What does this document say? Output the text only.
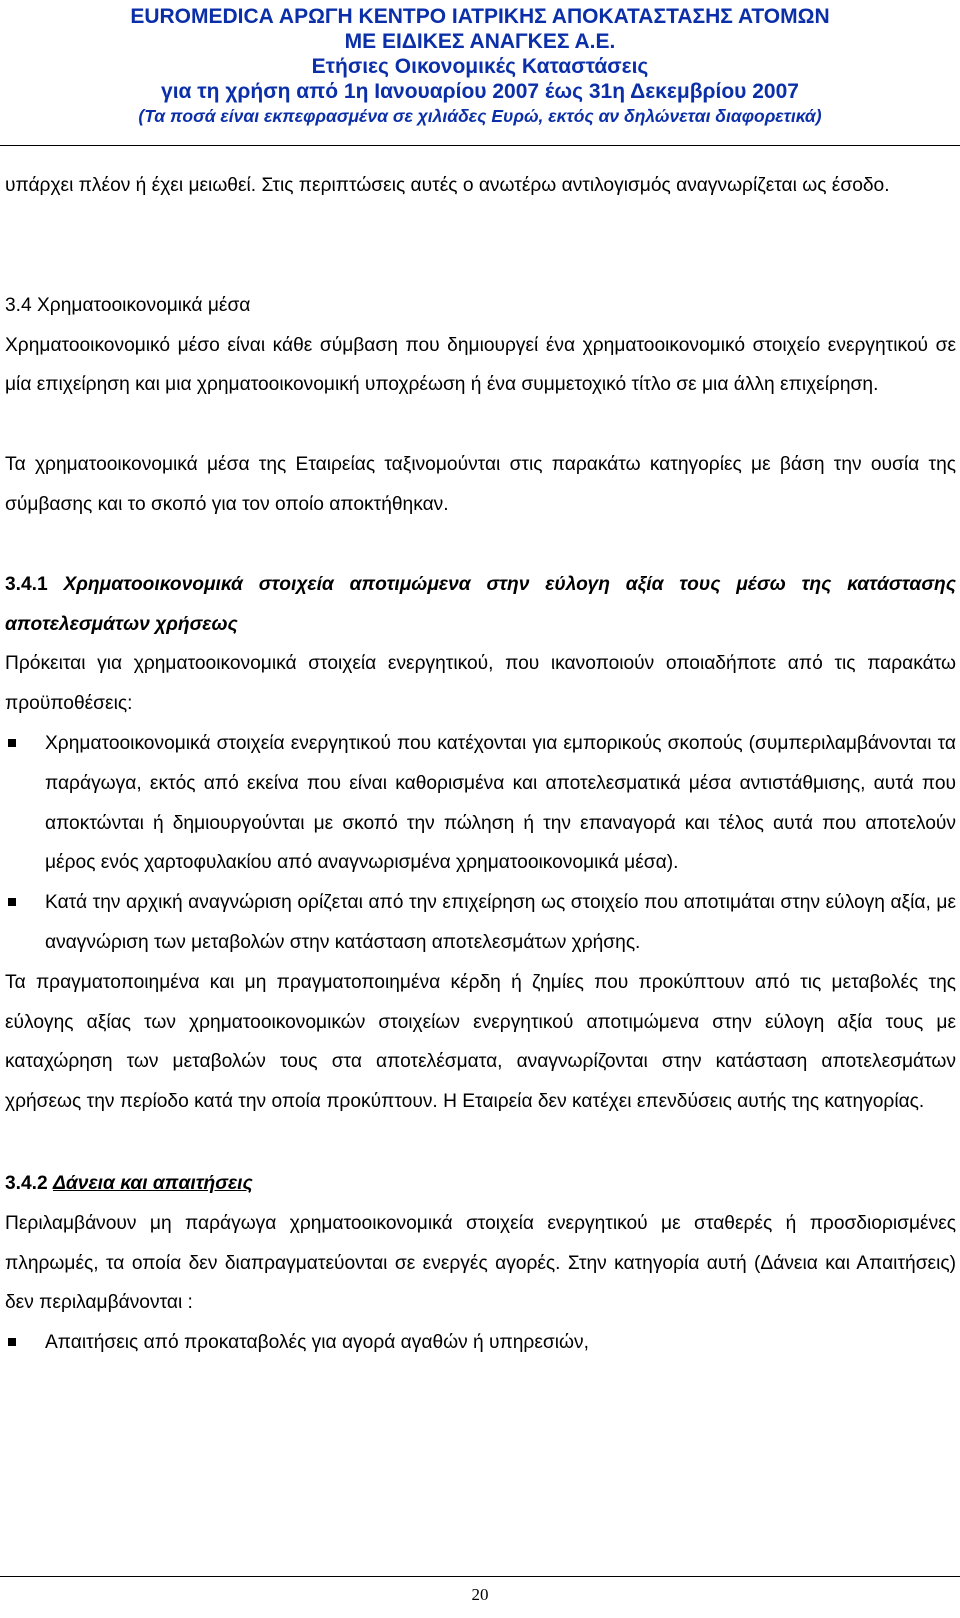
EUROMEDICA ΑΡΩΓΗ ΚΕΝΤΡΟ ΙΑΤΡΙΚΗΣ ΑΠΟΚΑΤΑΣΤΑΣΗΣ ΑΤΟΜΩΝ
ΜΕ ΕΙΔΙΚΕΣ ΑΝΑΓΚΕΣ Α.Ε.
Ετήσιες Οικονομικές Καταστάσεις
για τη χρήση από 1η Ιανουαρίου 2007 έως 31η Δεκεμβρίου 2007
(Τα ποσά είναι εκπεφρασμένα σε χιλιάδες Ευρώ, εκτός αν δηλώνεται διαφορετικά)

υπάρχει πλέον ή έχει μειωθεί. Στις περιπτώσεις αυτές ο ανωτέρω αντιλογισμός αναγνωρίζεται ως έσοδο.

3.4 Χρηματοοικονομικά μέσα

Χρηματοοικονομικό μέσο είναι κάθε σύμβαση που δημιουργεί ένα χρηματοοικονομικό στοιχείο ενεργητικού σε μία επιχείρηση και μια χρηματοοικονομική υποχρέωση ή ένα συμμετοχικό τίτλο σε μια άλλη επιχείρηση.

Τα χρηματοοικονομικά μέσα της Εταιρείας ταξινομούνται στις παρακάτω κατηγορίες με βάση την ουσία της σύμβασης και το σκοπό για τον οποίο αποκτήθηκαν.

3.4.1 Χρηματοοικονομικά στοιχεία αποτιμώμενα στην εύλογη αξία τους μέσω της κατάστασης αποτελεσμάτων χρήσεως

Πρόκειται για χρηματοοικονομικά στοιχεία ενεργητικού, που ικανοποιούν οποιαδήποτε από τις παρακάτω προϋποθέσεις:

Χρηματοοικονομικά στοιχεία ενεργητικού που κατέχονται για εμπορικούς σκοπούς (συμπεριλαμβάνονται τα παράγωγα, εκτός από εκείνα που είναι καθορισμένα και αποτελεσματικά μέσα αντιστάθμισης, αυτά που αποκτώνται ή δημιουργούνται με σκοπό την πώληση ή την επαναγορά και τέλος αυτά που αποτελούν μέρος ενός χαρτοφυλακίου από αναγνωρισμένα χρηματοοικονομικά μέσα).
Κατά την αρχική αναγνώριση ορίζεται από την επιχείρηση ως στοιχείο που αποτιμάται στην εύλογη αξία, με αναγνώριση των μεταβολών στην κατάσταση αποτελεσμάτων χρήσης.

Τα πραγματοποιημένα και μη πραγματοποιημένα κέρδη ή ζημίες που προκύπτουν από τις μεταβολές της εύλογης αξίας των χρηματοοικονομικών στοιχείων ενεργητικού αποτιμώμενα στην εύλογη αξία τους με καταχώρηση των μεταβολών τους στα αποτελέσματα, αναγνωρίζονται στην κατάσταση αποτελεσμάτων χρήσεως την περίοδο κατά την οποία προκύπτουν. Η Εταιρεία δεν κατέχει επενδύσεις αυτής της κατηγορίας.

3.4.2 Δάνεια και απαιτήσεις

Περιλαμβάνουν μη παράγωγα χρηματοοικονομικά στοιχεία ενεργητικού με σταθερές ή προσδιορισμένες πληρωμές, τα οποία δεν διαπραγματεύονται σε ενεργές αγορές. Στην κατηγορία αυτή (Δάνεια και Απαιτήσεις) δεν περιλαμβάνονται :

Απαιτήσεις από προκαταβολές για αγορά αγαθών ή υπηρεσιών,
20
